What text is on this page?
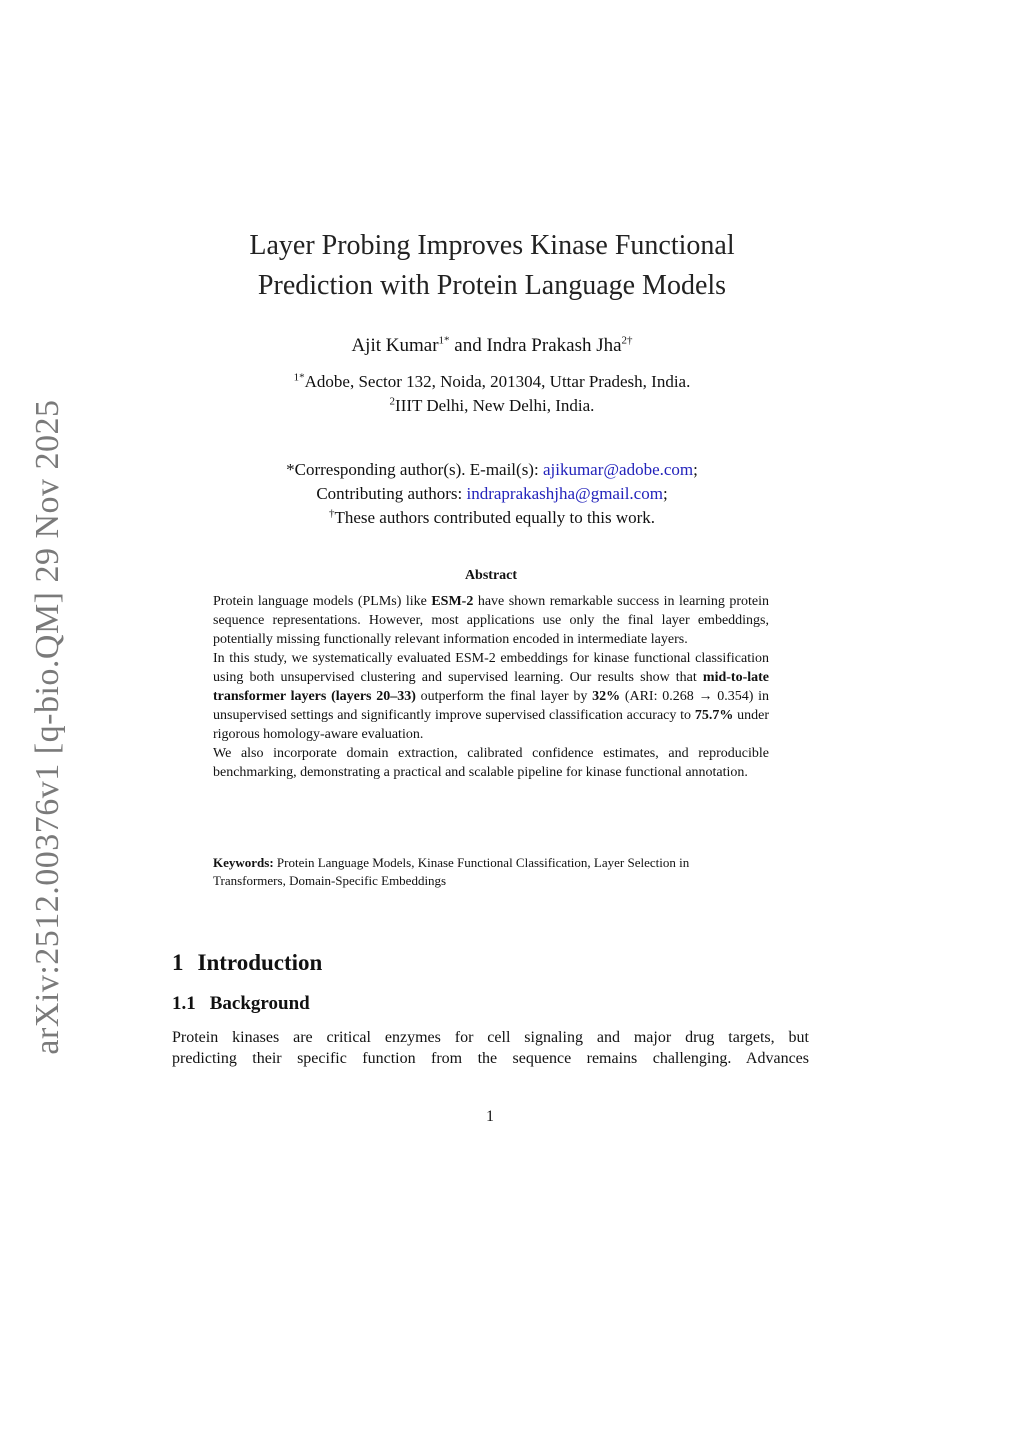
arXiv:2512.00376v1 [q-bio.QM] 29 Nov 2025
Layer Probing Improves Kinase Functional
Prediction with Protein Language Models
Ajit Kumar$^{1*}$ and Indra Prakash Jha$^{2\dagger}$
$^{1*}$Adobe, Sector 132, Noida, 201304, Uttar Pradesh, India.
$^2$IIIT Delhi, New Delhi, India.
*Corresponding author(s). E-mail(s): ajikumar@adobe.com;
Contributing authors: indraprakashjha@gmail.com;
†These authors contributed equally to this work.
Abstract

Protein language models (PLMs) like ESM-2 have shown remarkable success in learning protein sequence representations. However, most applications use only the final layer embeddings, potentially missing functionally relevant information encoded in intermediate layers.

In this study, we systematically evaluated ESM-2 embeddings for kinase functional classification using both unsupervised clustering and supervised learning. Our results show that mid-to-late transformer layers (layers 20–33) outperform the final layer by 32% (ARI: 0.268 → 0.354) in unsupervised settings and significantly improve supervised classification accuracy to 75.7% under rigorous homology-aware evaluation.

We also incorporate domain extraction, calibrated confidence estimates, and reproducible benchmarking, demonstrating a practical and scalable pipeline for kinase functional annotation.

Keywords: Protein Language Models, Kinase Functional Classification, Layer Selection in Transformers, Domain-Specific Embeddings
1 Introduction
1.1 Background
Protein kinases are critical enzymes for cell signaling and major drug targets, but
predicting their specific function from the sequence remains challenging. Advances
1
